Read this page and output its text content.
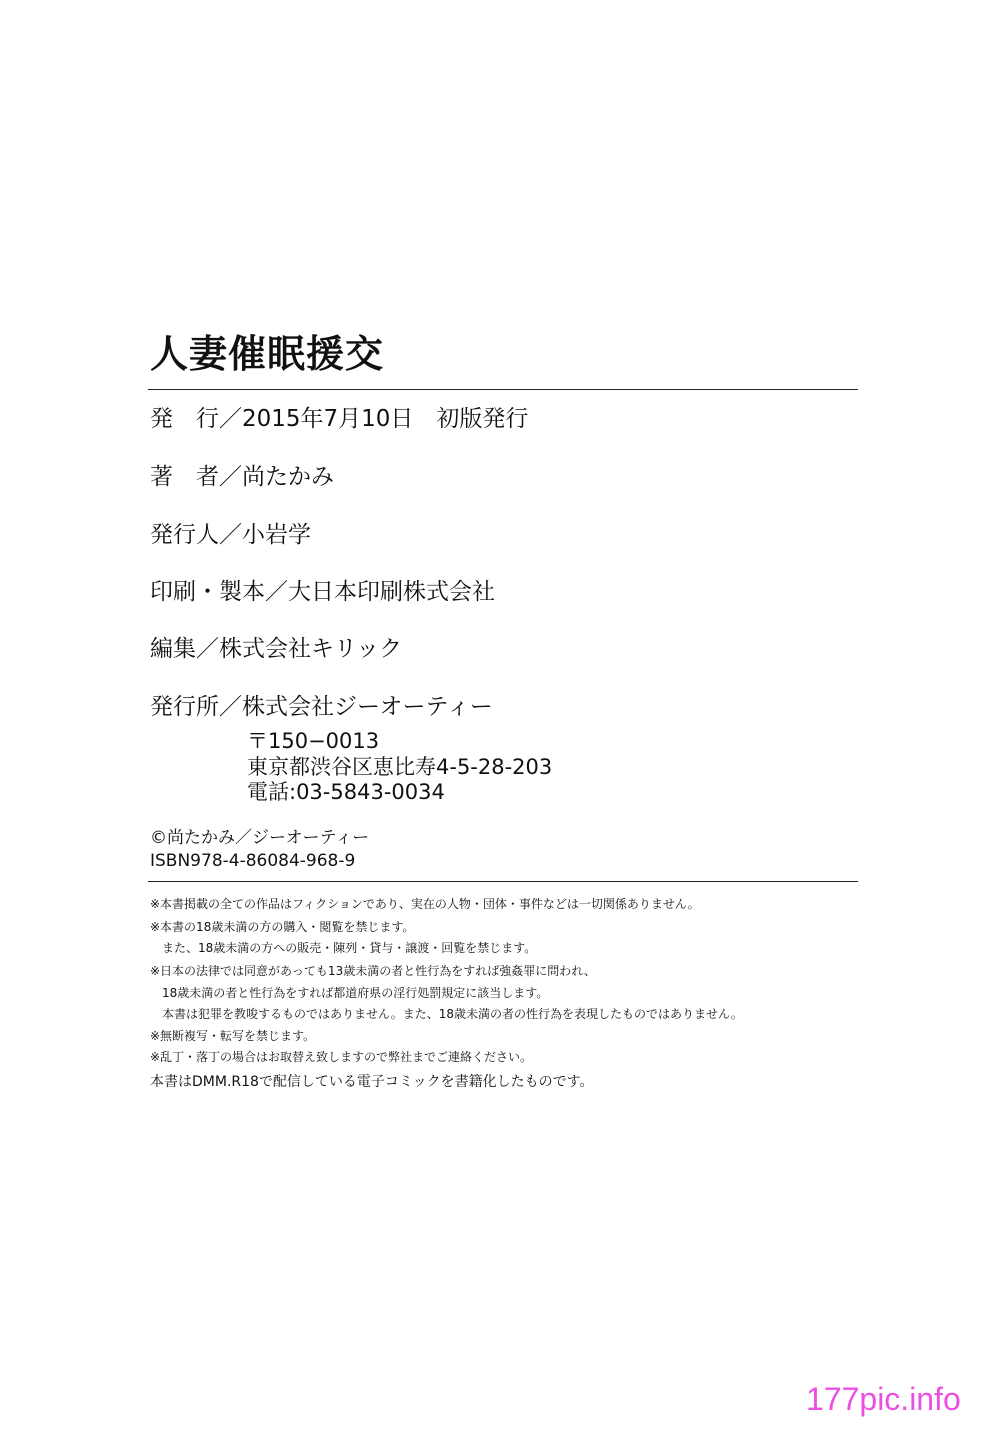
人妻催眠援交
発　行／2015年7月10日　初版発行
著　者／尚たかみ
発行人／小岩学
印刷・製本／大日本印刷株式会社
編集／株式会社キリック
発行所／株式会社ジーオーティー
〒150−0013
東京都渋谷区恵比寿4-5-28-203
電話:03-5843-0034
©尚たかみ／ジーオーティー
ISBN978-4-86084-968-9
※本書掲載の全ての作品はフィクションであり、実在の人物・団体・事件などは一切関係ありません。
※本書の18歳未満の方の購入・閲覧を禁じます。
また、18歳未満の方への販売・陳列・貸与・譲渡・回覧を禁じます。
※日本の法律では同意があっても13歳未満の者と性行為をすれば強姦罪に問われ、
18歳未満の者と性行為をすれば都道府県の淫行処罰規定に該当します。
本書は犯罪を教唆するものではありません。また、18歳未満の者の性行為を表現したものではありません。
※無断複写・転写を禁じます。
※乱丁・落丁の場合はお取替え致しますので弊社までご連絡ください。
本書はDMM.R18で配信している電子コミックを書籍化したものです。
177pic.info
